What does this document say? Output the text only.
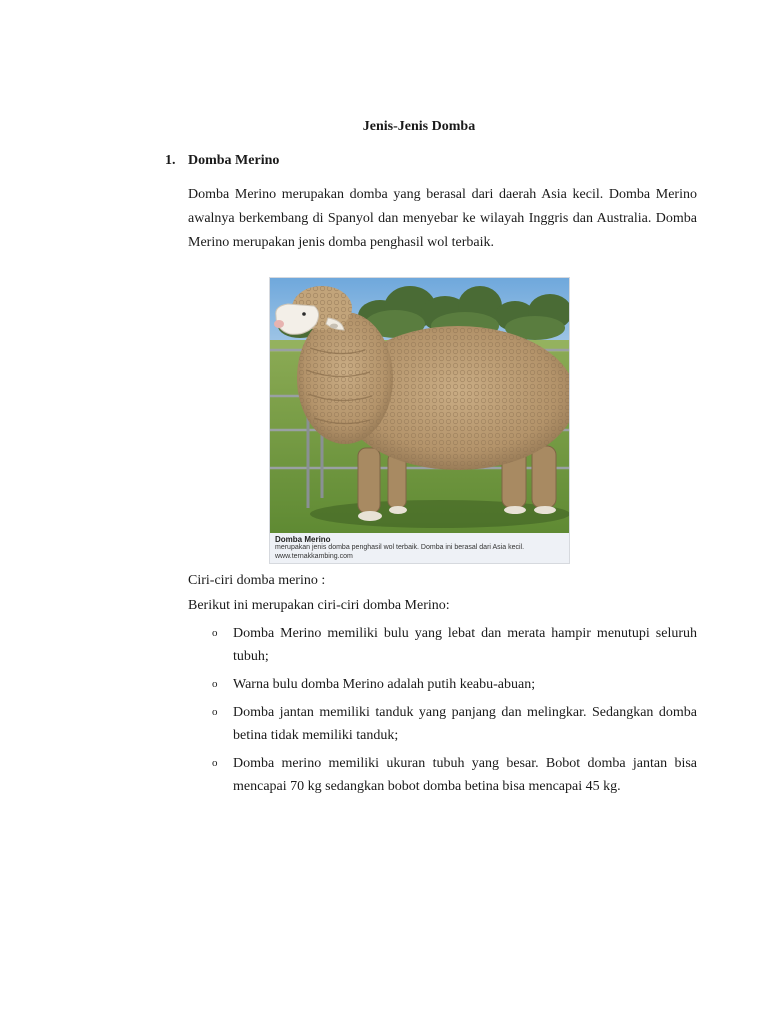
Jenis-Jenis Domba
1. Domba Merino

Domba Merino merupakan domba yang berasal dari daerah Asia kecil. Domba Merino awalnya berkembang di Spanyol dan menyebar ke wilayah Inggris dan Australia. Domba Merino merupakan jenis domba penghasil wol terbaik.

Domba Merino
merupakan jenis domba penghasil wol terbaik. Domba ini berasal dari Asia kecil. www.ternakkambing.com

Ciri-ciri domba merino :

Berikut ini merupakan ciri-ciri domba Merino:

o Domba Merino memiliki bulu yang lebat dan merata hampir menutupi seluruh tubuh;
o Warna bulu domba Merino adalah putih keabu-abuan;
o Domba jantan memiliki tanduk yang panjang dan melingkar. Sedangkan domba betina tidak memiliki tanduk;
o Domba merino memiliki ukuran tubuh yang besar. Bobot domba jantan bisa mencapai 70 kg sedangkan bobot domba betina bisa mencapai 45 kg.
